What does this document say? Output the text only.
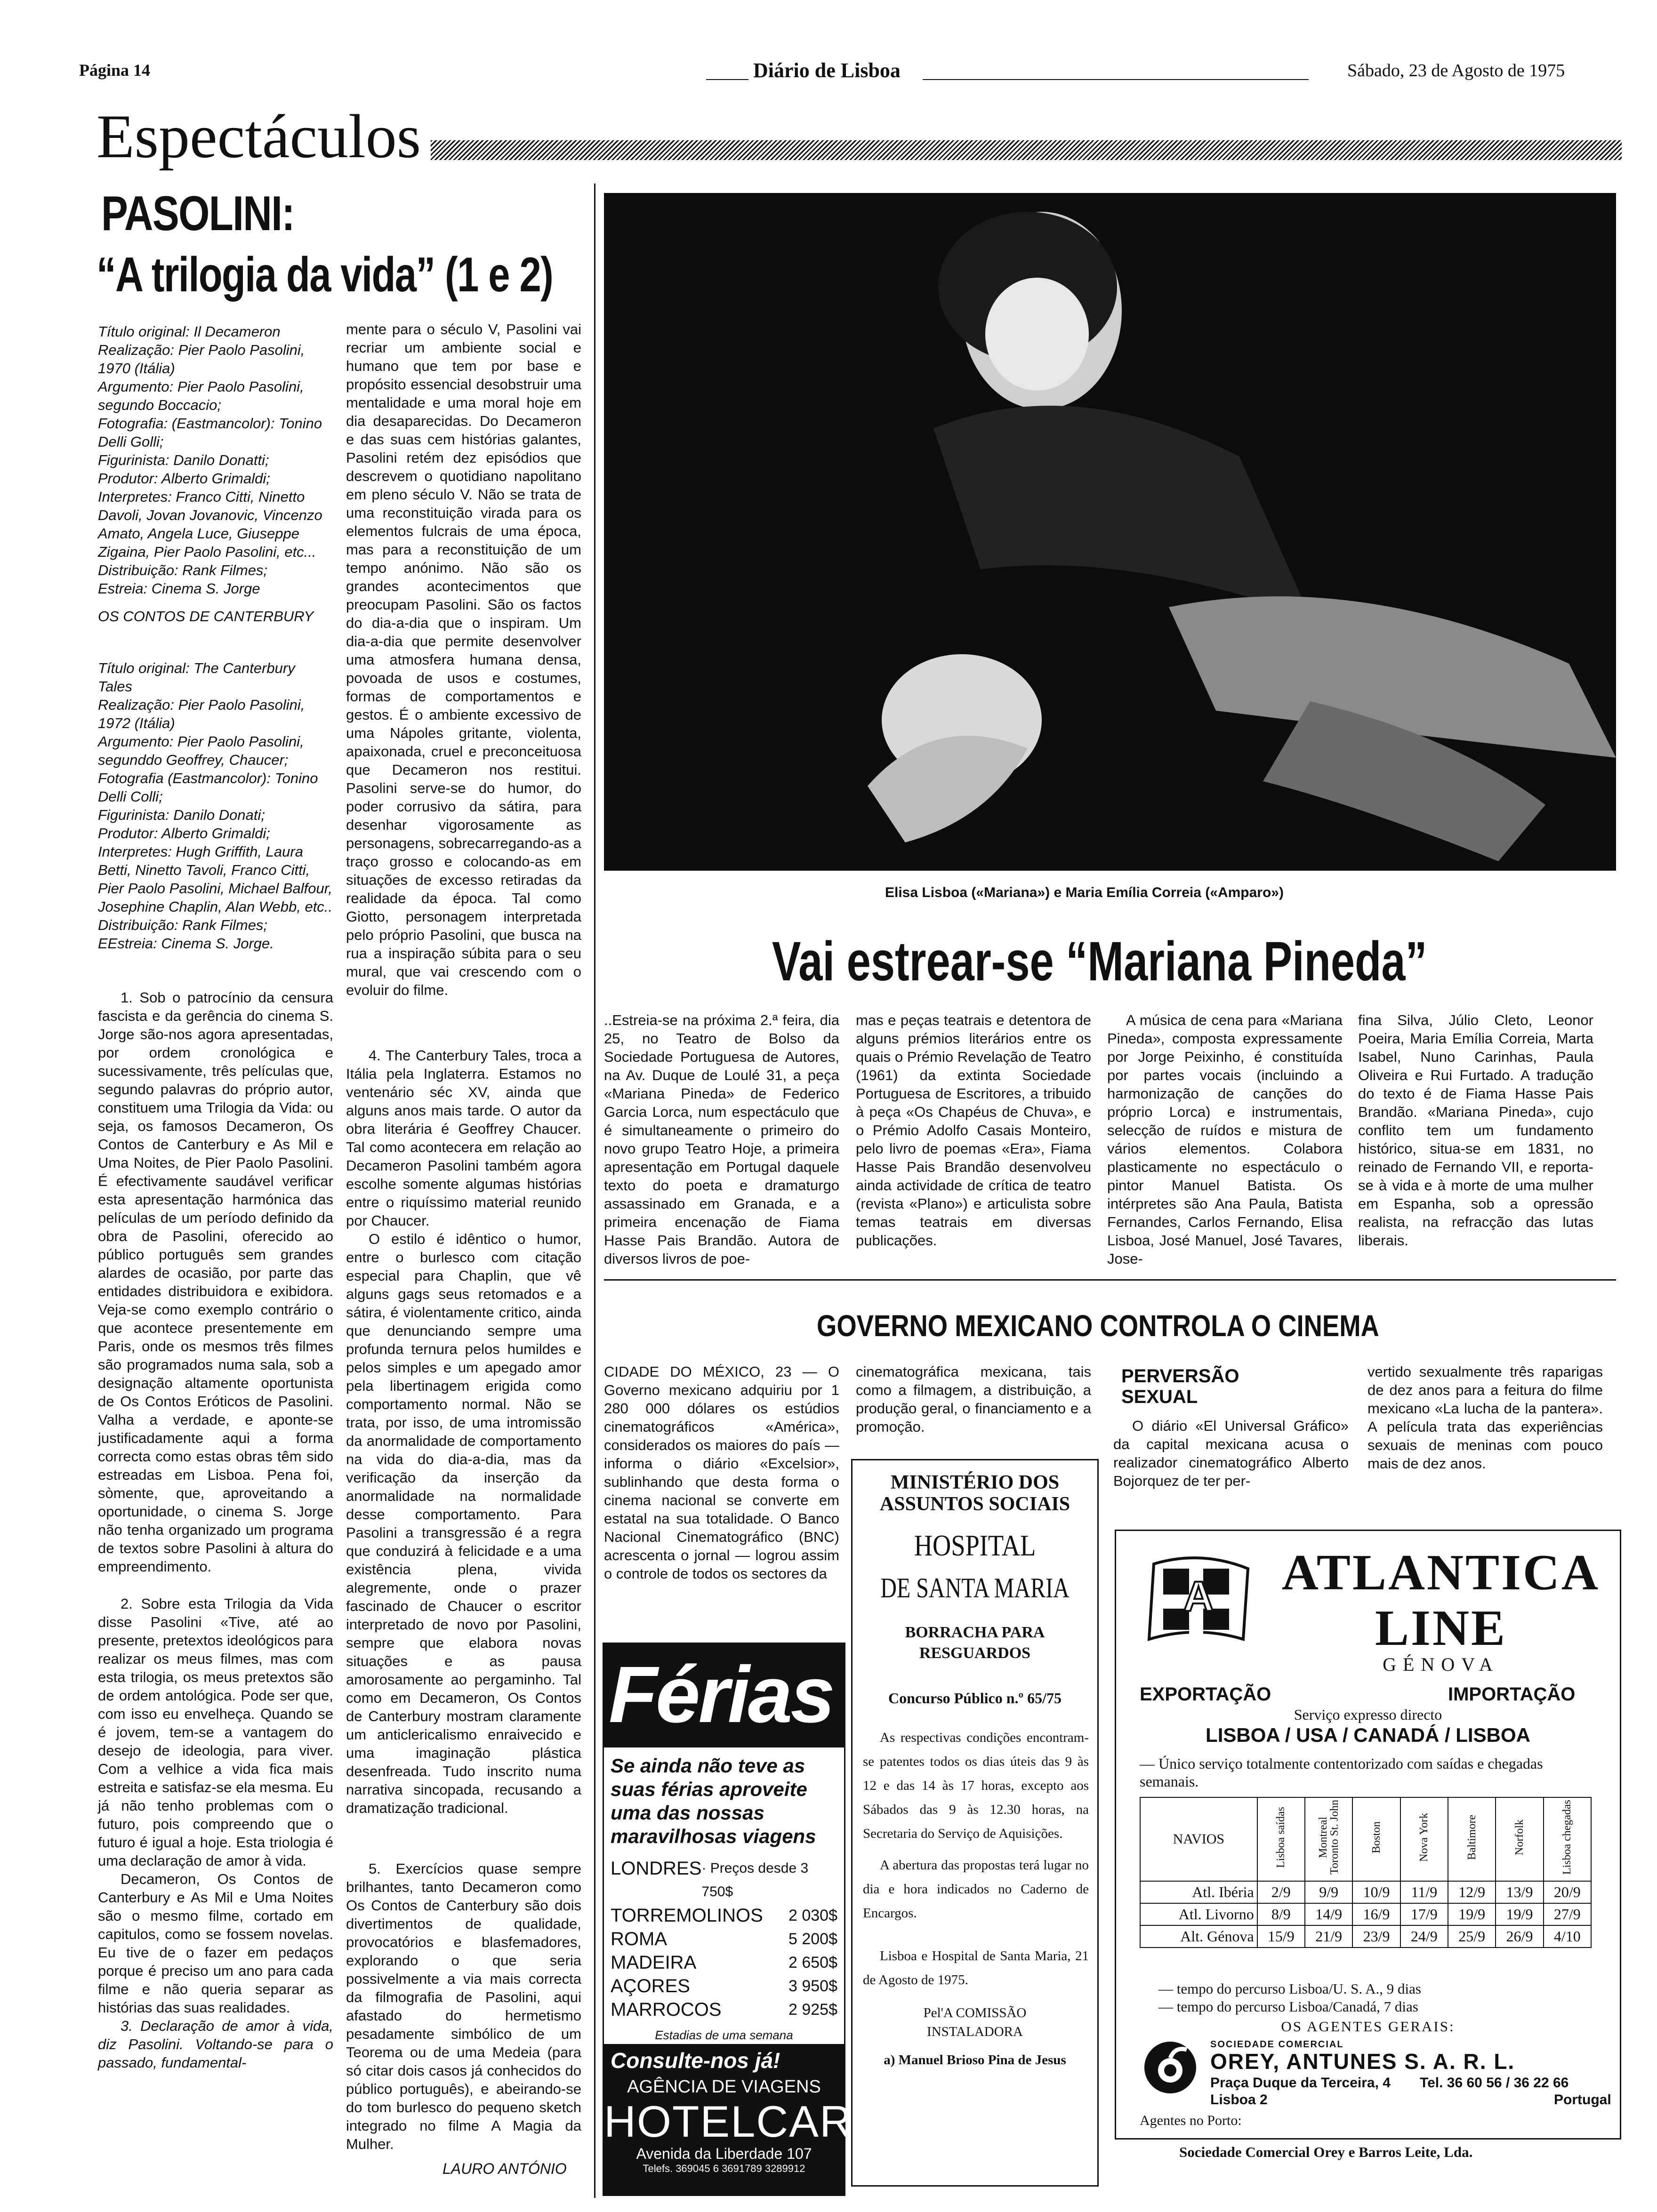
Página 14	Diário de Lisboa	Sábado, 23 de Agosto de 1975
Espectáculos
PASOLINI:
“A trilogia da vida” (1 e 2)

Título original: Il Decameron

Realização: Pier Paolo Pasolini, 1970 (Itália)

Argumento: Pier Paolo Pasolini, segundo Boccacio;

Fotografia: (Eastmancolor): Tonino Delli Golli;

Figurinista: Danilo Donatti;

Produtor: Alberto Grimaldi;

Interpretes: Franco Citti, Ninetto Davoli, Jovan Jovanovic, Vincenzo Amato, Angela Luce, Giuseppe Zigaina, Pier Paolo Pasolini, etc...

Distribuição: Rank Filmes;

Estreia: Cinema S. Jorge

OS CONTOS DE CANTERBURY

Título original: The Canterbury Tales

Realização: Pier Paolo Pasolini, 1972 (Itália)

Argumento: Pier Paolo Pasolini, segunddo Geoffrey, Chaucer;

Fotografia (Eastmancolor): Tonino Delli Colli;

Figurinista: Danilo Donati;

Produtor: Alberto Grimaldi;

Interpretes: Hugh Griffith, Laura Betti, Ninetto Tavoli, Franco Citti, Pier Paolo Pasolini, Michael Balfour, Josephine Chaplin, Alan Webb, etc..

Distribuição: Rank Filmes;

EEstreia: Cinema S. Jorge.

1. Sob o patrocínio da censura fascista e da gerência do cinema S. Jorge são-nos agora apresentadas, por ordem cronológica e sucessivamente, três películas que, segundo palavras do próprio autor, constituem uma Trilogia da Vida: ou seja, os famosos Decameron, Os Contos de Canterbury e As Mil e Uma Noites, de Pier Paolo Pasolini. É efectivamente saudável verificar esta apresentação harmónica das películas de um período definido da obra de Pasolini, oferecido ao público português sem grandes alardes de ocasião, por parte das entidades distribuidora e exibidora. Veja-se como exemplo contrário o que acontece presentemente em Paris, onde os mesmos três filmes são programados numa sala, sob a designação altamente oportunista de Os Contos Eróticos de Pasolini. Valha a verdade, e aponte-se justificadamente aqui a forma correcta como estas obras têm sido estreadas em Lisboa. Pena foi, sòmente, que, aproveitando a oportunidade, o cinema S. Jorge não tenha organizado um programa de textos sobre Pasolini à altura do empreendimento.

2. Sobre esta Trilogia da Vida disse Pasolini «Tive, até ao presente, pretextos ideológicos para realizar os meus filmes, mas com esta trilogia, os meus pretextos são de ordem antológica. Pode ser que, com isso eu envelheça. Quando se é jovem, tem-se a vantagem do desejo de ideologia, para viver. Com a velhice a vida fica mais estreita e satisfaz-se ela mesma. Eu já não tenho problemas com o futuro, pois compreendo que o futuro é igual a hoje. Esta triologia é uma declaração de amor à vida.

Decameron, Os Contos de Canterbury e As Mil e Uma Noites são o mesmo filme, cortado em capitulos, como se fossem novelas. Eu tive de o fazer em pedaços porque é preciso um ano para cada filme e não queria separar as histórias das suas realidades.

3. Declaração de amor à vida, diz Pasolini. Voltando-se para o passado, fundamental-

mente para o século V, Pasolini vai recriar um ambiente social e humano que tem por base e propósito essencial desobstruir uma mentalidade e uma moral hoje em dia desaparecidas. Do Decameron e das suas cem histórias galantes, Pasolini retém dez episódios que descrevem o quotidiano napolitano em pleno século V. Não se trata de uma reconstituição virada para os elementos fulcrais de uma época, mas para a reconstituição de um tempo anónimo. Não são os grandes acontecimentos que preocupam Pasolini. São os factos do dia-a-dia que o inspiram. Um dia-a-dia que permite desenvolver uma atmosfera humana densa, povoada de usos e costumes, formas de comportamentos e gestos. É o ambiente excessivo de uma Nápoles gritante, violenta, apaixonada, cruel e preconceituosa que Decameron nos restitui. Pasolini serve-se do humor, do poder corrusivo da sátira, para desenhar vigorosamente as personagens, sobrecarregando-as a traço grosso e colocando-as em situações de excesso retiradas da realidade da época. Tal como Giotto, personagem interpretada pelo próprio Pasolini, que busca na rua a inspiração súbita para o seu mural, que vai crescendo com o evoluir do filme.

4. The Canterbury Tales, troca a Itália pela Inglaterra. Estamos no ventenário séc XV, ainda que alguns anos mais tarde. O autor da obra literária é Geoffrey Chaucer. Tal como acontecera em relação ao Decameron Pasolini também agora escolhe somente algumas histórias entre o riquíssimo material reunido por Chaucer.

O estilo é idêntico o humor, entre o burlesco com citação especial para Chaplin, que vê alguns gags seus retomados e a sátira, é violentamente critico, ainda que denunciando sempre uma profunda ternura pelos humildes e pelos simples e um apegado amor pela libertinagem erigida como comportamento normal. Não se trata, por isso, de uma intromissão da anormalidade de comportamento na vida do dia-a-dia, mas da verificação da inserção da anormalidade na normalidade desse comportamento. Para Pasolini a transgressão é a regra que conduzirá à felicidade e a uma existência plena, vivida alegremente, onde o prazer fascinado de Chaucer o escritor interpretado de novo por Pasolini, sempre que elabora novas situações e as pausa amorosamente ao pergaminho. Tal como em Decameron, Os Contos de Canterbury mostram claramente um anticlericalismo enraivecido e uma imaginação plástica desenfreada. Tudo inscrito numa narrativa sincopada, recusando a dramatização tradicional.

5. Exercícios quase sempre brilhantes, tanto Decameron como Os Contos de Canterbury são dois divertimentos de qualidade, provocatórios e blasfemadores, explorando o que seria possivelmente a via mais correcta da filmografia de Pasolini, aqui afastado do hermetismo pesadamente simbólico de um Teorema ou de uma Medeia (para só citar dois casos já conhecidos do público português), e abeirando-se do tom burlesco do pequeno sketch integrado no filme A Magia da Mulher.

LAURO ANTÓNIO
Elisa Lisboa («Mariana») e Maria Emília Correia («Amparo»)
Vai estrear-se “Mariana Pineda”
..Estreia-se na próxima 2.ª feira, dia 25, no Teatro de Bolso da Sociedade Portuguesa de Autores, na Av. Duque de Loulé 31, a peça «Mariana Pineda» de Federico Garcia Lorca, num espectáculo que é simultaneamente o primeiro do novo grupo Teatro Hoje, a primeira apresentação em Portugal daquele texto do poeta e dramaturgo assassinado em Granada, e a primeira encenação de Fiama Hasse Pais Brandão. Autora de diversos livros de poe-
mas e peças teatrais e detentora de alguns prémios literários entre os quais o Prémio Revelação de Teatro (1961) da extinta Sociedade Portuguesa de Escritores, a tribuido à peça «Os Chapéus de Chuva», e o Prémio Adolfo Casais Monteiro, pelo livro de poemas «Era», Fiama Hasse Pais Brandão desenvolveu ainda actividade de crítica de teatro (revista «Plano») e articulista sobre temas teatrais em diversas publicações.
A música de cena para «Mariana Pineda», composta expressamente por Jorge Peixinho, é constituída por partes vocais (incluindo a harmonização de canções do próprio Lorca) e instrumentais, selecção de ruídos e mistura de vários elementos. Colabora plasticamente no espectáculo o pintor Manuel Batista. Os intérpretes são Ana Paula, Batista Fernandes, Carlos Fernando, Elisa Lisboa, José Manuel, José Tavares, Jose-
fina Silva, Júlio Cleto, Leonor Poeira, Maria Emília Correia, Marta Isabel, Nuno Carinhas, Paula Oliveira e Rui Furtado. A tradução do texto é de Fiama Hasse Pais Brandão. «Mariana Pineda», cujo conflito tem um fundamento histórico, situa-se em 1831, no reinado de Fernando VII, e reporta-se à vida e à morte de uma mulher em Espanha, sob a opressão realista, na refracção das lutas liberais.
GOVERNO MEXICANO CONTROLA O CINEMA
CIDADE DO MÉXICO, 23 — O Governo mexicano adquiriu por 1 280 000 dólares os estúdios cinematográficos «América», considerados os maiores do país — informa o diário «Excelsior», sublinhando que desta forma o cinema nacional se converte em estatal na sua totalidade. O Banco Nacional Cinematográfico (BNC) acrescenta o jornal — logrou assim o controle de todos os sectores da
cinematográfica mexicana, tais como a filmagem, a distribuição, a produção geral, o financiamento e a promoção.
PERVERSÃO SEXUAL
O diário «El Universal Gráfico» da capital mexicana acusa o realizador cinematográfico Alberto Bojorquez de ter per-
vertido sexualmente três raparigas de dez anos para a feitura do filme mexicano «La lucha de la pantera». A película trata das experiências sexuais de meninas com pouco mais de dez anos.
MINISTÉRIO DOS ASSUNTOS SOCIAIS
HOSPITAL
DE SANTA MARIA
BORRACHA PARA RESGUARDOS
Concurso Público n.º 65/75
As respectivas condições encontram-se patentes todos os dias úteis das 9 às 12 e das 14 às 17 horas, excepto aos Sábados das 9 às 12.30 horas, na Secretaria do Serviço de Aquisições.
A abertura das propostas terá lugar no dia e hora indicados no Caderno de Encargos.
Lisboa e Hospital de Santa Maria, 21 de Agosto de 1975.
Pel'A COMISSÃO INSTALADORA
a) Manuel Brioso Pina de Jesus
Férias
Se ainda não teve as suas férias aproveite uma das nossas maravilhosas viagens
LONDRES · Preços desde 3 750$
TORREMOLINOS 2 030$
ROMA	5 200$
MADEIRA	2 650$
AÇORES	3 950$
MARROCOS	2 925$
Estadias de uma semana
Consulte-nos já!
AGÊNCIA DE VIAGENS
HOTELCAR
Avenida da Liberdade 107
Telefs. 369045 6 3691789 3289912
A ATLANTICA LINE
GÉNOVA
EXPORTAÇÃO	IMPORTAÇÃO
Serviço expresso directo
LISBOA / USA / CANADÁ / LISBOA
— Único serviço totalmente contentorizado com saídas e chegadas semanais.
NAVIOS	Lisboa saídas	Montreal Toronto St. John	Boston	Nova York	Baltimore	Norfolk	Lisboa chegadas
Atl. Ibéria	2/9	9/9	10/9	11/9	12/9	13/9	20/9
Atl. Livorno	8/9	14/9	16/9	17/9	19/9	19/9	27/9
Alt. Génova	15/9	21/9	23/9	24/9	25/9	26/9	4/10
— tempo do percurso Lisboa/U. S. A., 9 dias
— tempo do percurso Lisboa/Canadá, 7 dias
OS AGENTES GERAIS:
SOCIEDADE COMERCIAL
OREY, ANTUNES S. A. R. L.
Praça Duque da Terceira, 4 Tel. 36 60 56 / 36 22 66
Lisboa 2	Portugal
Agentes no Porto:
Sociedade Comercial Orey e Barros Leite, Lda.
